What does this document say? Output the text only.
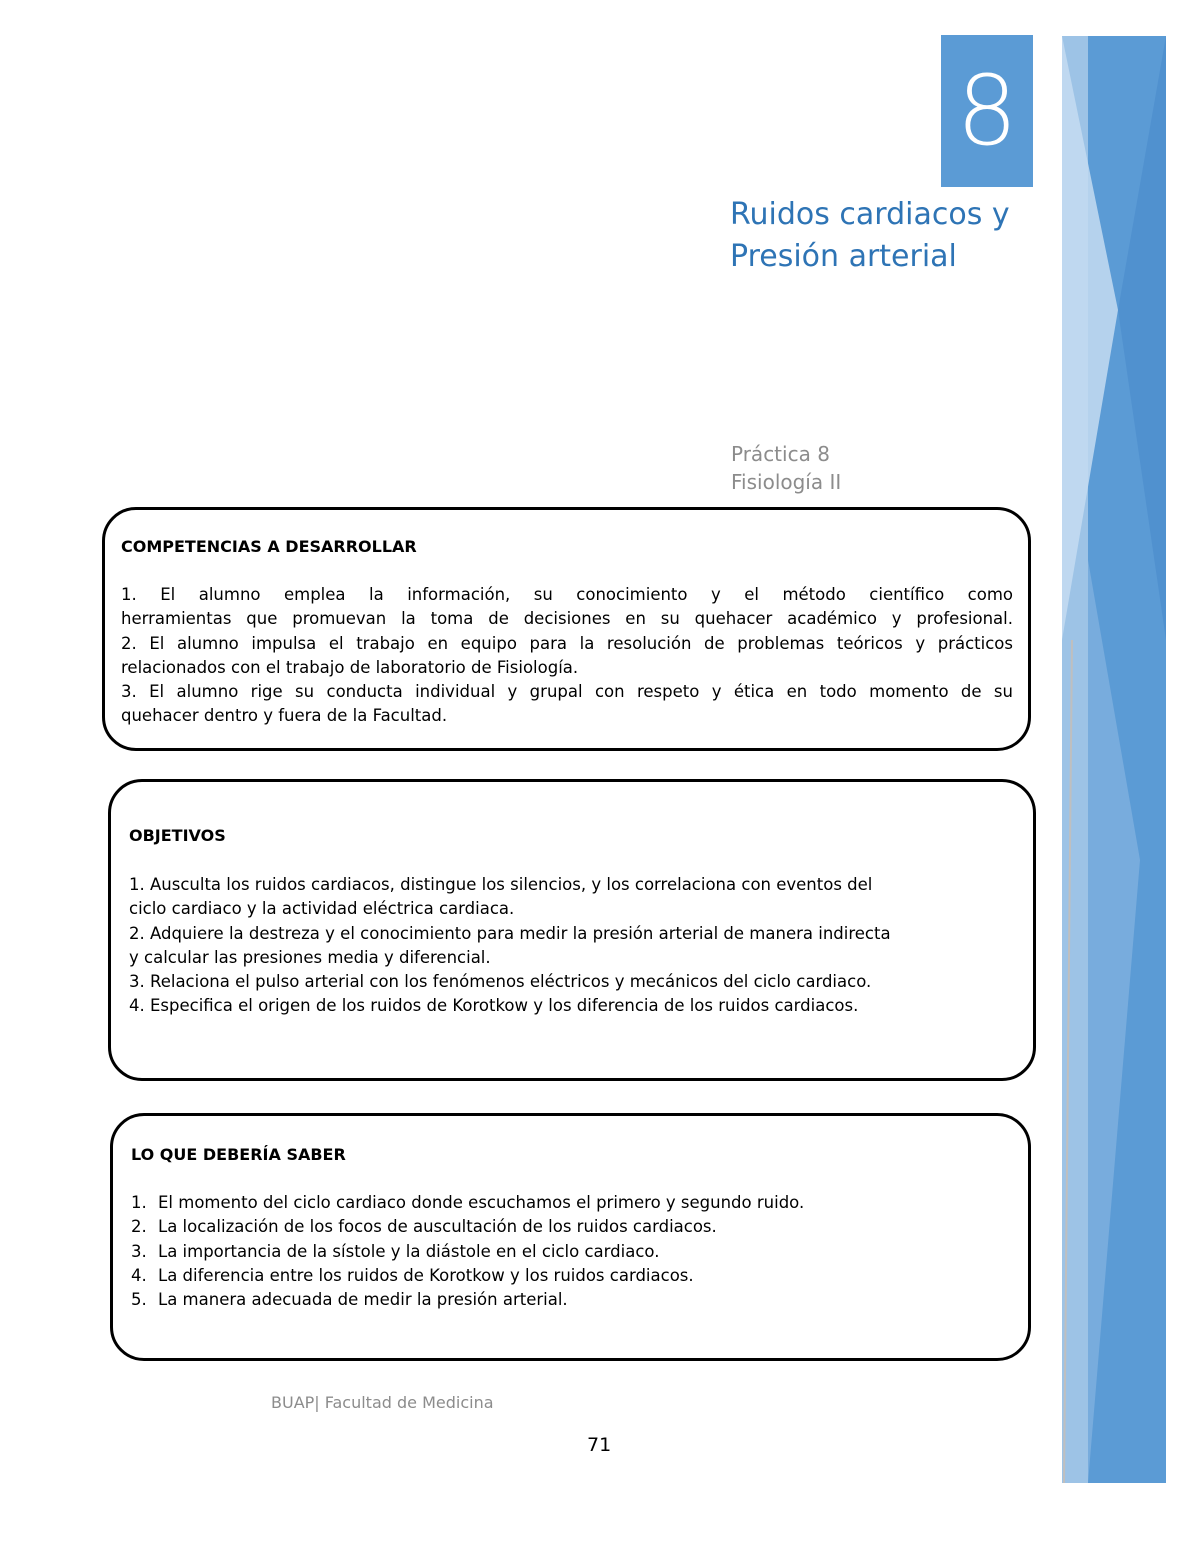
8
Ruidos cardiacos y
Presión arterial
Práctica 8
Fisiología II
COMPETENCIAS A DESARROLLAR
1. El alumno emplea la información, su conocimiento y el método científico como
herramientas que promuevan la toma de decisiones en su quehacer académico y profesional.
2. El alumno impulsa el trabajo en equipo para la resolución de problemas teóricos y prácticos
relacionados con el trabajo de laboratorio de Fisiología.
3. El alumno rige su conducta individual y grupal con respeto y ética en todo momento de su
quehacer dentro y fuera de la Facultad.
OBJETIVOS
1. Ausculta los ruidos cardiacos, distingue los silencios, y los correlaciona con eventos del
ciclo cardiaco y la actividad eléctrica cardiaca.
2. Adquiere la destreza y el conocimiento para medir la presión arterial de manera indirecta
y calcular las presiones media y diferencial.
3. Relaciona el pulso arterial con los fenómenos eléctricos y mecánicos del ciclo cardiaco.
4. Especifica el origen de los ruidos de Korotkow y los diferencia de los ruidos cardiacos.
LO QUE DEBERÍA SABER
1. El momento del ciclo cardiaco donde escuchamos el primero y segundo ruido.
2. La localización de los focos de auscultación de los ruidos cardiacos.
3. La importancia de la sístole y la diástole en el ciclo cardiaco.
4. La diferencia entre los ruidos de Korotkow y los ruidos cardiacos.
5. La manera adecuada de medir la presión arterial.
BUAP| Facultad de Medicina
71
